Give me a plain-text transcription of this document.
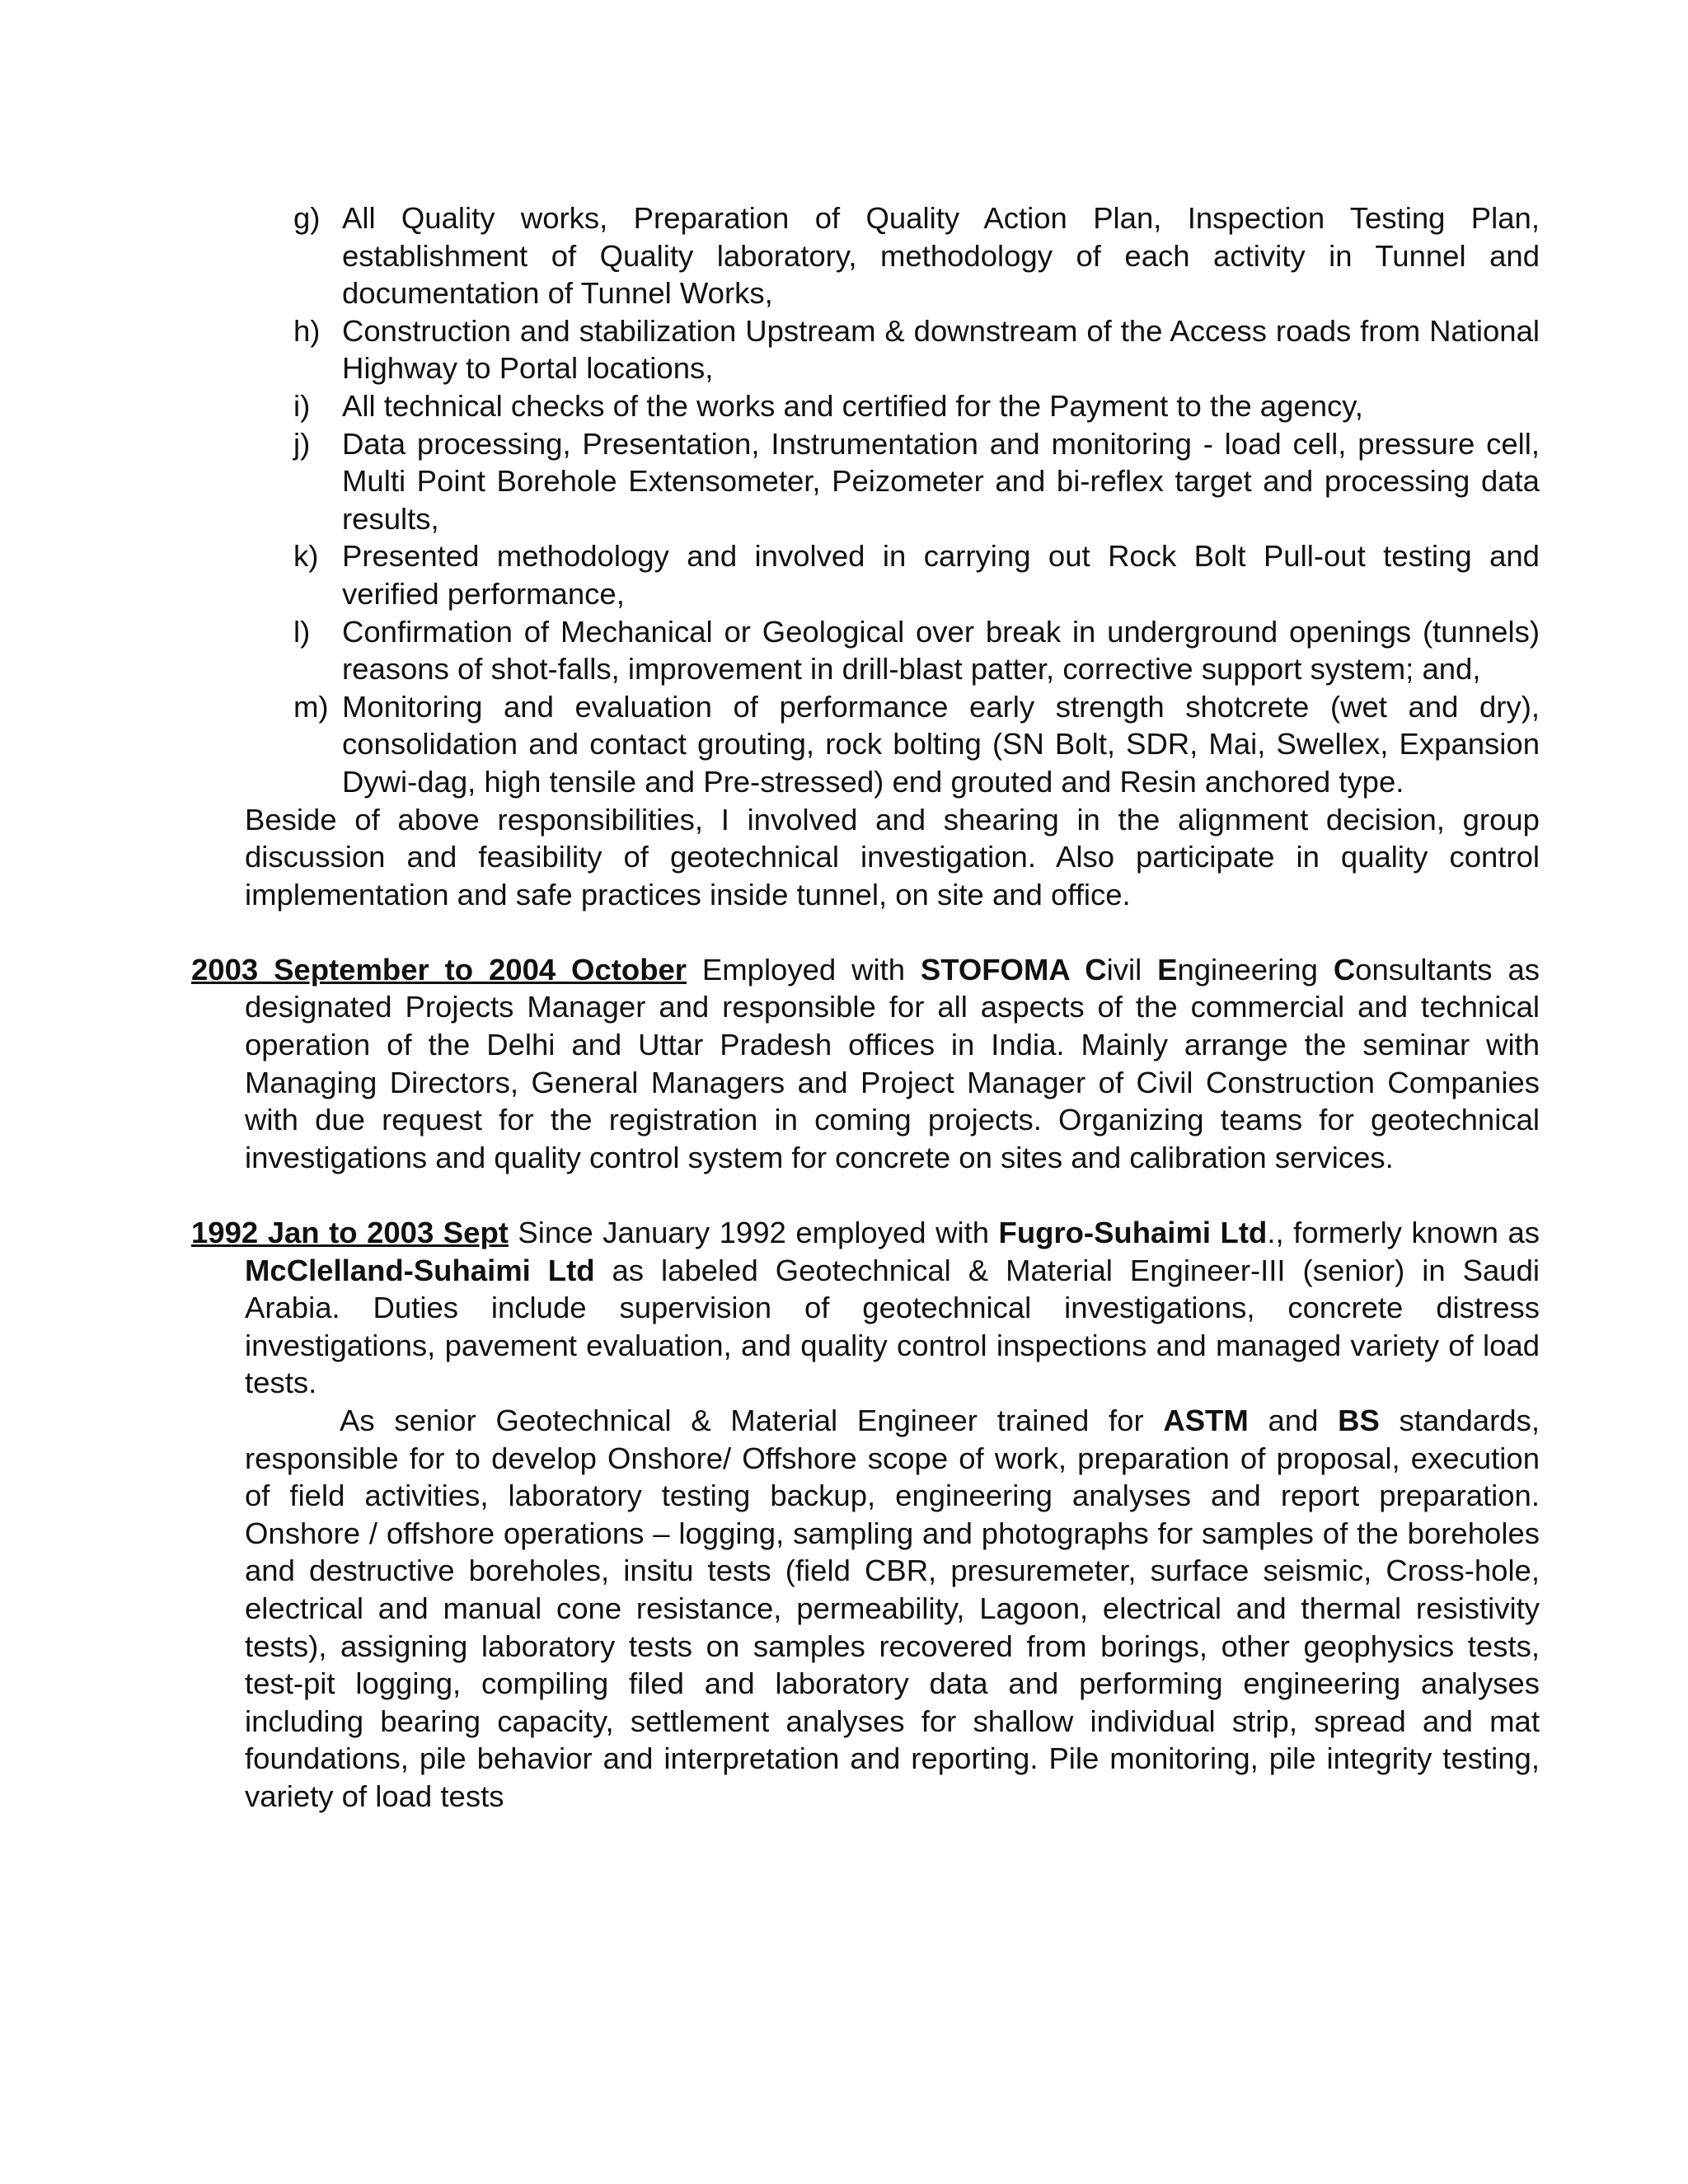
g) All Quality works, Preparation of Quality Action Plan, Inspection Testing Plan, establishment of Quality laboratory, methodology of each activity in Tunnel and documentation of Tunnel Works,
h) Construction and stabilization Upstream & downstream of the Access roads from National Highway to Portal locations,
i)	All technical checks of the works and certified for the Payment to the agency,
j)	Data processing, Presentation, Instrumentation and monitoring - load cell, pressure cell, Multi Point Borehole Extensometer, Peizometer and bi-reflex target and processing data results,
k) Presented methodology and involved in carrying out Rock Bolt Pull-out testing and verified performance,
l)	Confirmation of Mechanical or Geological over break in underground openings (tunnels) reasons of shot-falls, improvement in drill-blast patter, corrective support system; and,
m) Monitoring and evaluation of performance early strength shotcrete (wet and dry), consolidation and contact grouting, rock bolting (SN Bolt, SDR, Mai, Swellex, Expansion Dywi-dag, high tensile and Pre-stressed) end grouted and Resin anchored type.

Beside of above responsibilities, I involved and shearing in the alignment decision, group discussion and feasibility of geotechnical investigation. Also participate in quality control implementation and safe practices inside tunnel, on site and office.

2003 September to 2004 October Employed with STOFOMA Civil Engineering Consultants as designated Projects Manager and responsible for all aspects of the commercial and technical operation of the Delhi and Uttar Pradesh offices in India. Mainly arrange the seminar with Managing Directors, General Managers and Project Manager of Civil Construction Companies with due request for the registration in coming projects. Organizing teams for geotechnical investigations and quality control system for concrete on sites and calibration services.

1992 Jan to 2003 Sept Since January 1992 employed with Fugro-Suhaimi Ltd., formerly known as McClelland-Suhaimi Ltd as labeled Geotechnical & Material Engineer-III (senior) in Saudi Arabia. Duties include supervision of geotechnical investigations, concrete distress investigations, pavement evaluation, and quality control inspections and managed variety of load tests.

As senior Geotechnical & Material Engineer trained for ASTM and BS standards, responsible for to develop Onshore/ Offshore scope of work, preparation of proposal, execution of field activities, laboratory testing backup, engineering analyses and report preparation. Onshore / offshore operations – logging, sampling and photographs for samples of the boreholes and destructive boreholes, insitu tests (field CBR, presuremeter, surface seismic, Cross-hole, electrical and manual cone resistance, permeability, Lagoon, electrical and thermal resistivity tests), assigning laboratory tests on samples recovered from borings, other geophysics tests, test-pit logging, compiling filed and laboratory data and performing engineering analyses including bearing capacity, settlement analyses for shallow individual strip, spread and mat foundations, pile behavior and interpretation and reporting. Pile monitoring, pile integrity testing, variety of load tests
